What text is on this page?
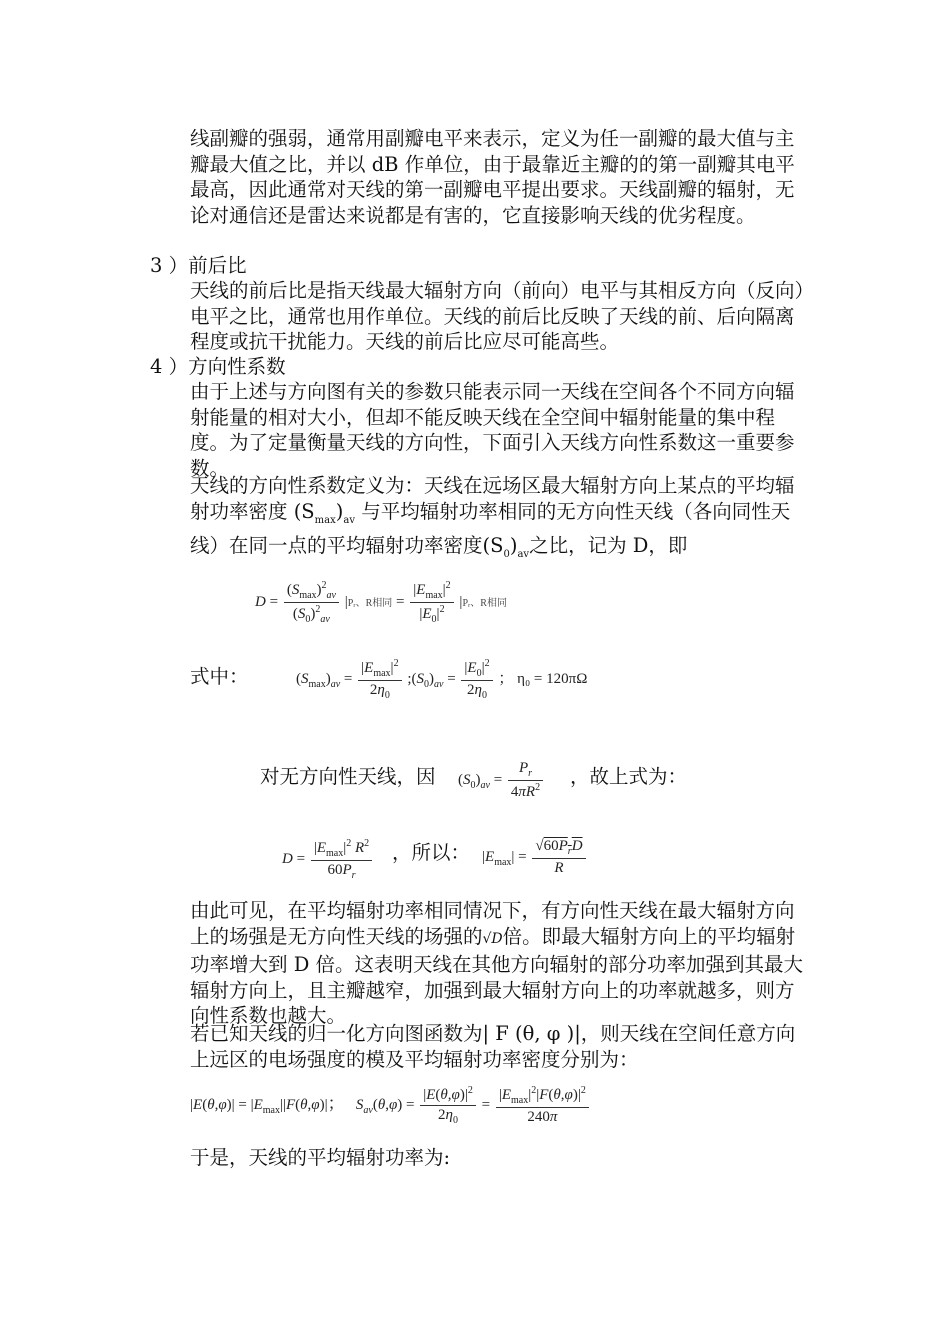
线副瓣的强弱，通常用副瓣电平来表示，定义为任一副瓣的最大值与主瓣最大值之比，并以 dB 作单位，由于最靠近主瓣的的第一副瓣其电平最高，因此通常对天线的第一副瓣电平提出要求。天线副瓣的辐射，无论对通信还是雷达来说都是有害的，它直接影响天线的优劣程度。

3 ）前后比

天线的前后比是指天线最大辐射方向（前向）电平与其相反方向（反向）电平之比，通常也用作单位。天线的前后比反映了天线的前、后向隔离程度或抗干扰能力。天线的前后比应尽可能高些。

4 ）方向性系数

由于上述与方向图有关的参数只能表示同一天线在空间各个不同方向辐射能量的相对大小，但却不能反映天线在全空间中辐射能量的集中程度。为了定量衡量天线的方向性，下面引入天线方向性系数这一重要参数。

天线的方向性系数定义为：天线在远场区最大辐射方向上某点的平均辐射功率密度 $(S_{max})_{av}$ 与平均辐射功率相同的无方向性天线（各向同性天线）在同一点的平均辐射功率密度$(S_0)_{av}$之比，记为 D，即

$D = \frac{(S_{max})^2_{av}}{(S_0)^2_{av}}$ |Pᵣ、R相同 = $\frac{|E_{max}|^2}{|E_0|^2}$ |Pᵣ、R相同
式中：	$(S_{max})_{av} = \frac{|E_{max}|^2}{2\eta_0}$ $;(S_0)_{av} = \frac{|E_0|^2}{2\eta_0}$ ； η₀ = 120πΩ
对无方向性天线，因 $(S_0)_{av} = \frac{P_r}{4\pi R^2}$ ，故上式为：
$D = \frac{|E_{max}|^2 R^2}{60P_r}$ ，所以： $|E_{max}| = \frac{√60P_rD}{R}$

由此可见，在平均辐射功率相同情况下，有方向性天线在最大辐射方向上的场强是无方向性天线的场强的√D倍。即最大辐射方向上的平均辐射功率增大到 D 倍。这表明天线在其他方向辐射的部分功率加强到其最大辐射方向上，且主瓣越窄，加强到最大辐射方向上的功率就越多，则方向性系数也越大。

若已知天线的归一化方向图函数为| F (θ, φ )|，则天线在空间任意方向上远区的电场强度的模及平均辐射功率密度分别为：

$|E(\theta,\varphi)| = |E_{max}||F(\theta,\varphi)|$； $S_{av}(\theta,\varphi) = \frac{|E(\theta,\varphi)|^2}{2\eta_0} = \frac{|E_{max}|^2|F(\theta,\varphi)|^2}{240\pi}$

于是，天线的平均辐射功率为:
